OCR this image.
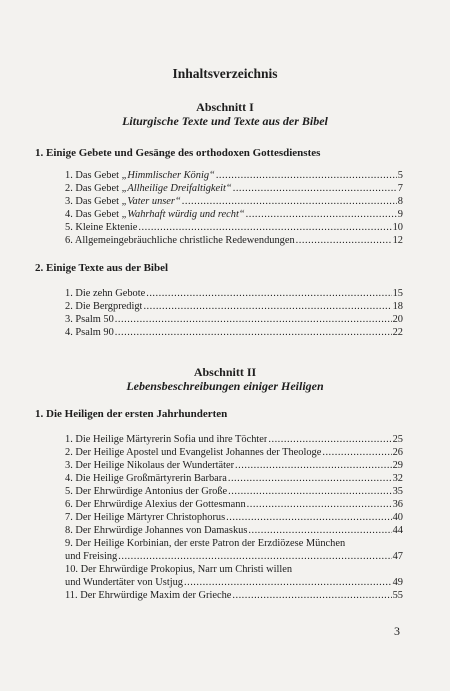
Inhaltsverzeichnis
Abschnitt I
Liturgische Texte und Texte aus der Bibel
1. Einige Gebete und Gesänge des orthodoxen Gottesdienstes
1. Das Gebet „Himmlischer König“ .....	5
2. Das Gebet „Allheilige Dreifaltigkeit“ .....	7
3. Das Gebet „Vater unser“ .....	8
4. Das Gebet „Wahrhaft würdig und recht“ .....	9
5. Kleine Ektenie .....	10
6. Allgemeingebräuchliche christliche Redewendungen .....	12
2. Einige Texte aus der Bibel
1. Die zehn Gebote .....	15
2. Die Bergpredigt .....	18
3. Psalm 50 .....	20
4. Psalm 90 .....	22
Abschnitt II
Lebensbeschreibungen einiger Heiligen
1. Die Heiligen der ersten Jahrhunderten
1. Die Heilige Märtyrerin Sofia und ihre Töchter .....	25
2. Der Heilige Apostel und Evangelist Johannes der Theologe .....	26
3. Der Heilige Nikolaus der Wundertäter .....	29
4. Die Heilige Großmärtyrerin Barbara .....	32
5. Der Ehrwürdige Antonius der Große .....	35
6. Der Ehrwürdige Alexius der Gottesmann .....	36
7. Der Heilige Märtyrer Christophorus .....	40
8. Der Ehrwürdige Johannes von Damaskus .....	44
9. Der Heilige Korbinian, der erste Patron der Erzdiözese München
und Freising .....	47
10. Der Ehrwürdige Prokopius, Narr um Christi willen
und Wundertäter von Ustjug .....	49
11. Der Ehrwürdige Maxim der Grieche .....	55
3
